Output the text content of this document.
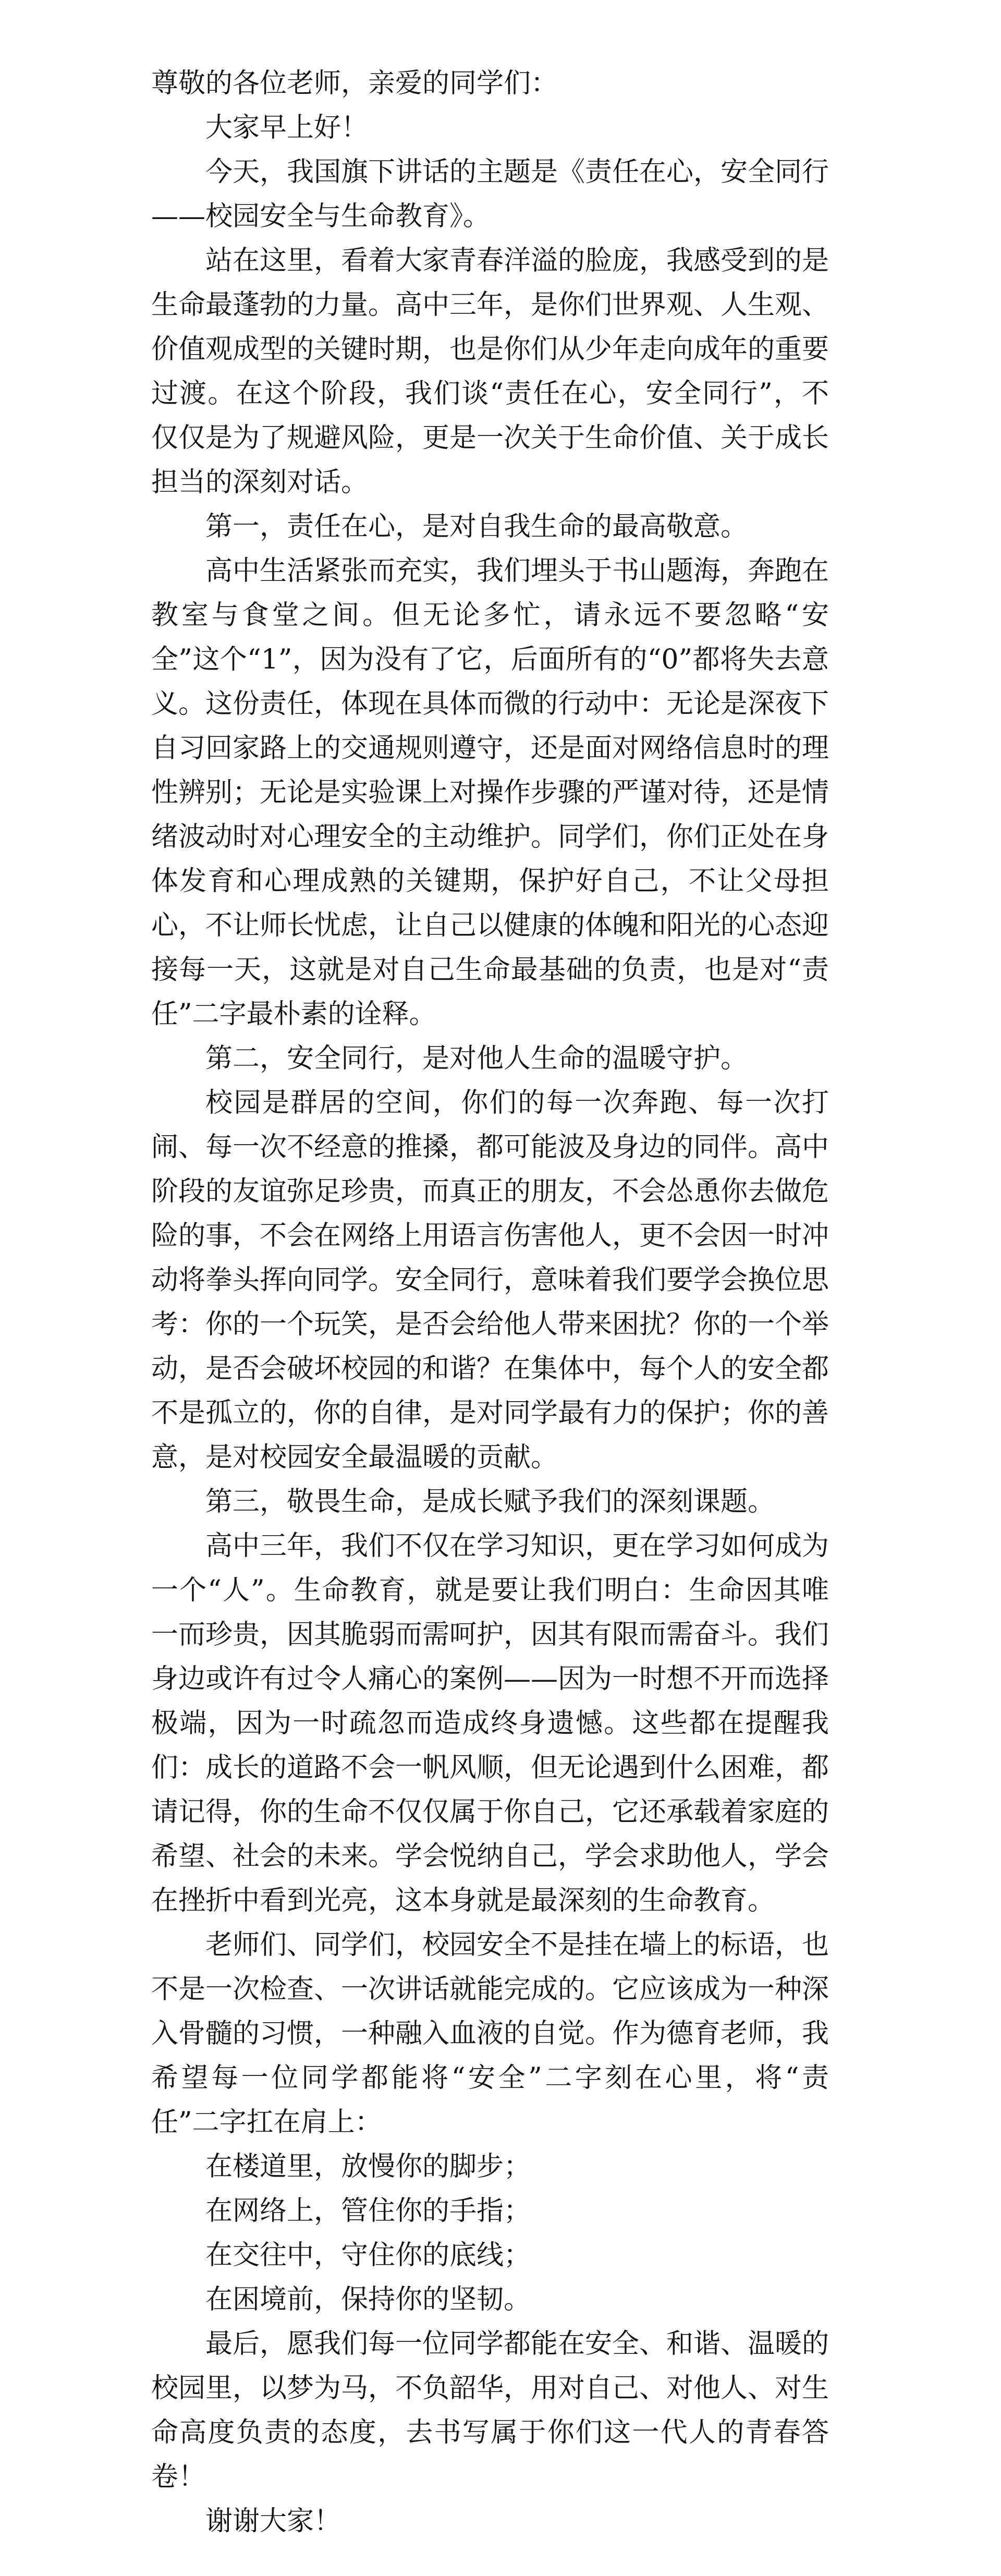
尊敬的各位老师，亲爱的同学们：

大家早上好！

今天，我国旗下讲话的主题是《责任在心，安全同行——校园安全与生命教育》。

站在这里，看着大家青春洋溢的脸庞，我感受到的是生命最蓬勃的力量。高中三年，是你们世界观、人生观、价值观成型的关键时期，也是你们从少年走向成年的重要过渡。在这个阶段，我们谈“责任在心，安全同行”，不仅仅是为了规避风险，更是一次关于生命价值、关于成长担当的深刻对话。

第一，责任在心，是对自我生命的最高敬意。

高中生活紧张而充实，我们埋头于书山题海，奔跑在教室与食堂之间。但无论多忙，请永远不要忽略“安全”这个“1”，因为没有了它，后面所有的“0”都将失去意义。这份责任，体现在具体而微的行动中：无论是深夜下自习回家路上的交通规则遵守，还是面对网络信息时的理性辨别；无论是实验课上对操作步骤的严谨对待，还是情绪波动时对心理安全的主动维护。同学们，你们正处在身体发育和心理成熟的关键期，保护好自己，不让父母担心，不让师长忧虑，让自己以健康的体魄和阳光的心态迎接每一天，这就是对自己生命最基础的负责，也是对“责任”二字最朴素的诠释。

第二，安全同行，是对他人生命的温暖守护。

校园是群居的空间，你们的每一次奔跑、每一次打闹、每一次不经意的推搡，都可能波及身边的同伴。高中阶段的友谊弥足珍贵，而真正的朋友，不会怂恿你去做危险的事，不会在网络上用语言伤害他人，更不会因一时冲动将拳头挥向同学。安全同行，意味着我们要学会换位思考：你的一个玩笑，是否会给他人带来困扰？你的一个举动，是否会破坏校园的和谐？在集体中，每个人的安全都不是孤立的，你的自律，是对同学最有力的保护；你的善意，是对校园安全最温暖的贡献。

第三，敬畏生命，是成长赋予我们的深刻课题。

高中三年，我们不仅在学习知识，更在学习如何成为一个“人”。生命教育，就是要让我们明白：生命因其唯一而珍贵，因其脆弱而需呵护，因其有限而需奋斗。我们身边或许有过令人痛心的案例——因为一时想不开而选择极端，因为一时疏忽而造成终身遗憾。这些都在提醒我们：成长的道路不会一帆风顺，但无论遇到什么困难，都请记得，你的生命不仅仅属于你自己，它还承载着家庭的希望、社会的未来。学会悦纳自己，学会求助他人，学会在挫折中看到光亮，这本身就是最深刻的生命教育。

老师们、同学们，校园安全不是挂在墙上的标语，也不是一次检查、一次讲话就能完成的。它应该成为一种深入骨髓的习惯，一种融入血液的自觉。作为德育老师，我希望每一位同学都能将“安全”二字刻在心里，将“责任”二字扛在肩上：

在楼道里，放慢你的脚步；

在网络上，管住你的手指；

在交往中，守住你的底线；

在困境前，保持你的坚韧。

最后，愿我们每一位同学都能在安全、和谐、温暖的校园里，以梦为马，不负韶华，用对自己、对他人、对生命高度负责的态度，去书写属于你们这一代人的青春答卷！

谢谢大家！
